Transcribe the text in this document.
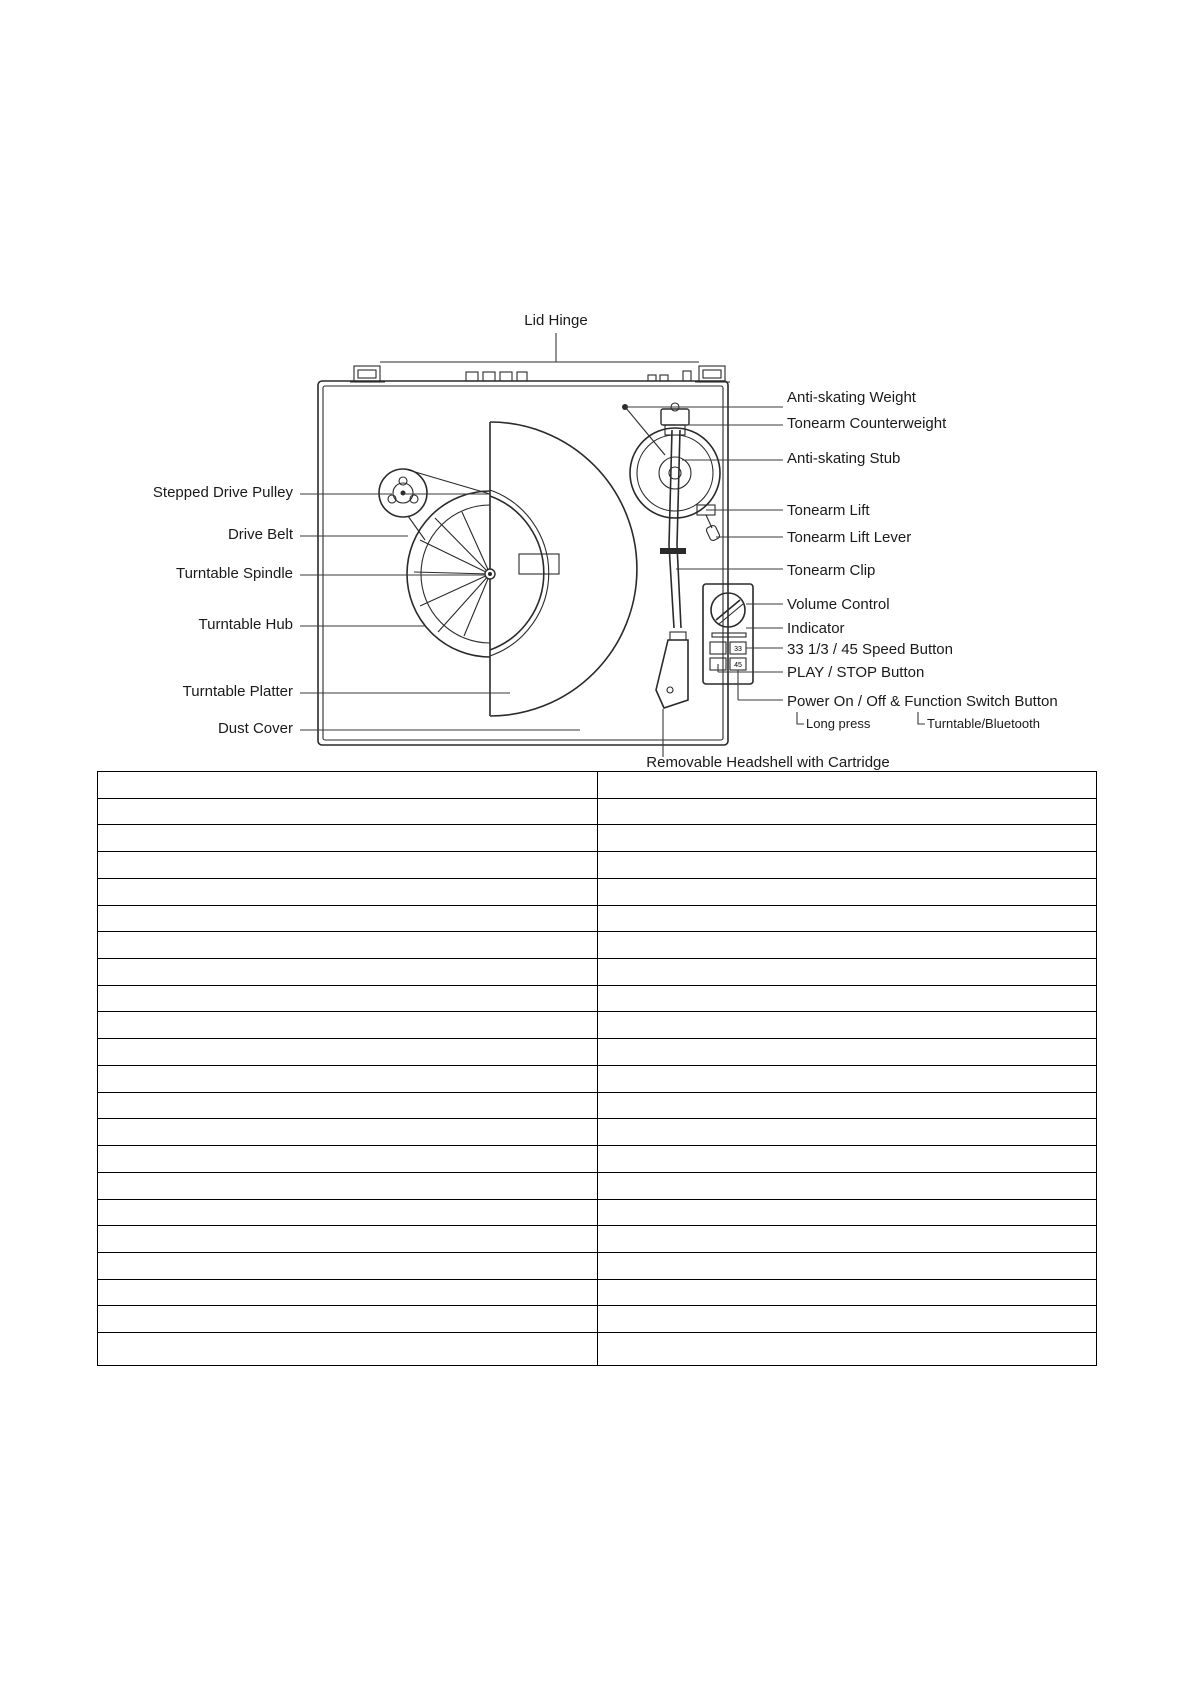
33
45
Stepped Drive Pulley
Drive Belt
Turntable Spindle
Turntable Hub
Turntable Platter
Dust Cover
Lid Hinge
Anti-skating Weight
Tonearm Counterweight
Anti-skating Stub
Tonearm Lift
Tonearm Lift Lever
Tonearm Clip
Volume Control
Indicator
33 1/3 / 45 Speed Button
PLAY / STOP Button
Power On / Off & Function Switch Button
Long press	Turntable/Bluetooth
Removable Headshell with Cartridge
